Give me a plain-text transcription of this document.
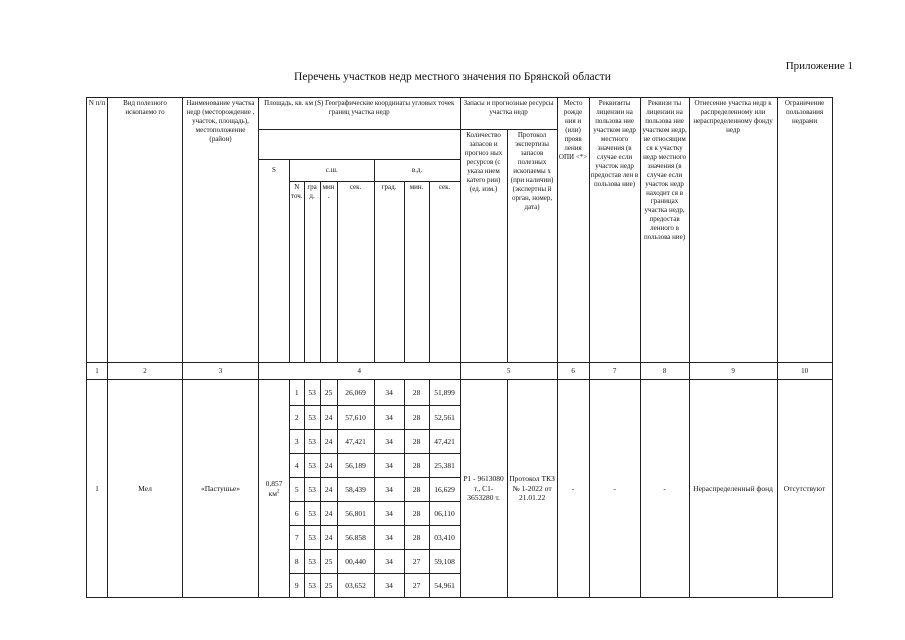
Приложение 1
Перечень участков недр местного значения по Брянской области
N п/п	Вид полезного ископаемо го	Наименование участка недр (месторождение , участок, площадь), местоположение (район)	Площадь, кв. км (S) Географические координаты угловых точек границ участка недр								Запасы и прогнозные ресурсы участка недр		Место рожде ния и (или) прояв ления ОПИ <*>	Реквизиты лицензии на пользова ние участком недр местного значения (в случае если участок недр предостав лен в пользова ние)	Реквизи ты лицензии на пользова ние участком недр, не относящим ся к участку недр местного значения (в случае если участок недр находит ся в границах участка недр, предостав ленного в пользова ние)	Отнесение участка недр к распределенному или нераспределенному фонду недр	Ограничение пользования недрами
											Количество запасов и прогноз ных ресурсов (с указа нием катего рии) (ед. изм.)	Протокол экспертизы запасов полезных ископаемы х (при наличии) (экспертны й орган, номер, дата)					
			S	с.ш.				в.д.									
				N точ.	гра д.	мин .	сек.	град.	мин.	сек.							
1	2	3	4								5		6	7	8	9	10
1	Мел	«Пастушье»	0,857 $км^2$	1	53	25	26,069	34	28	51,899	Р1 - 9613080 т., С1- 3653280 т.	Протокол ТКЗ № 1-2022 от 21.01.22	-	-	-	Нераспределенный фонд	Отсутствуют
				2	53	24	57,610	34	28	52,561							
				3	53	24	47,421	34	28	47,421							
				4	53	24	56,189	34	28	25,381							
				5	53	24	58,439	34	28	16,629							
				6	53	24	56,801	34	28	06,110							
				7	53	24	56.858	34	28	03,410							
				8	53	25	00,440	34	27	59,108							
				9	53	25	03,652	34	27	54,961							
